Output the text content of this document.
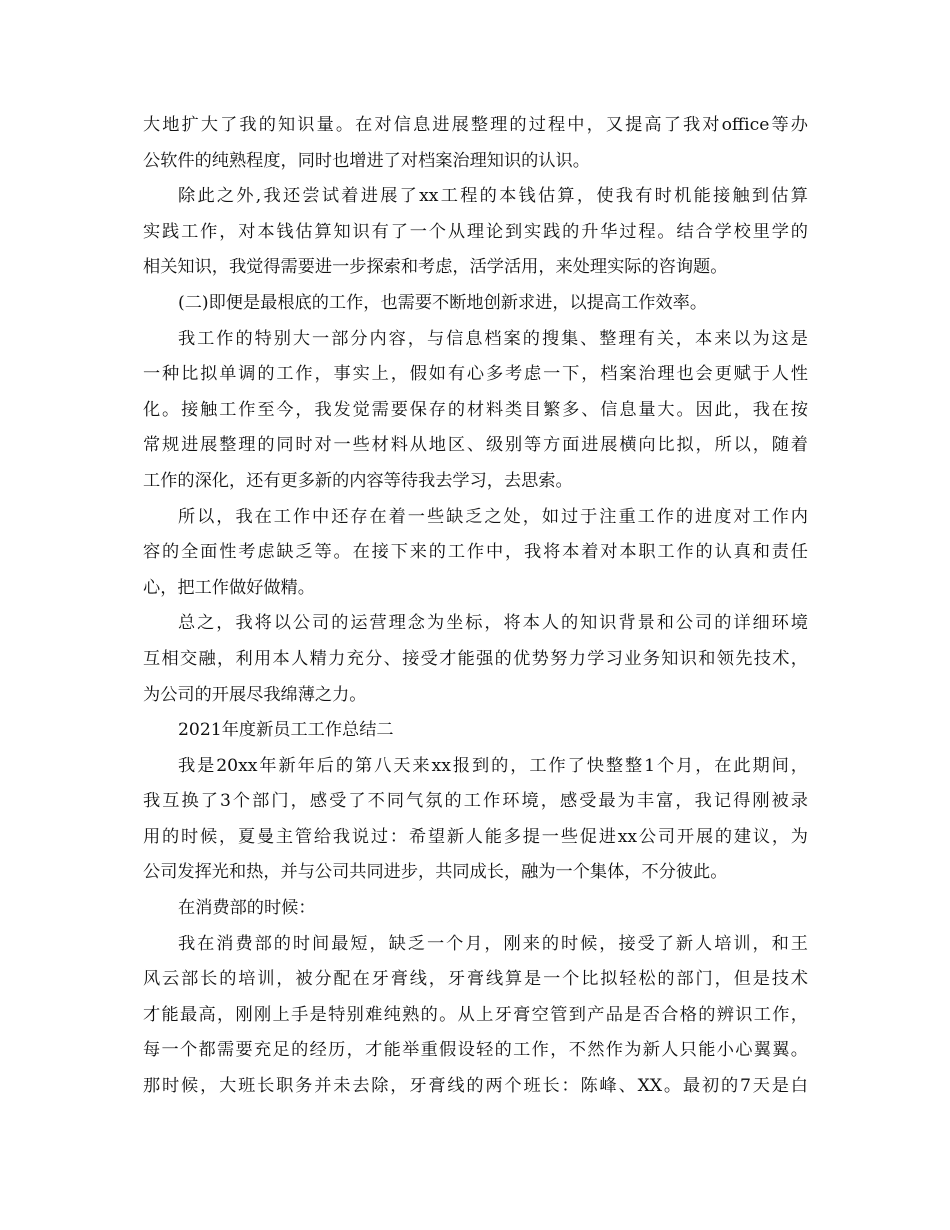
大地扩大了我的知识量。在对信息进展整理的过程中，又提高了我对office等办
公软件的纯熟程度，同时也增进了对档案治理知识的认识。
除此之外,我还尝试着进展了xx工程的本钱估算，使我有时机能接触到估算
实践工作，对本钱估算知识有了一个从理论到实践的升华过程。结合学校里学的
相关知识，我觉得需要进一步探索和考虑，活学活用，来处理实际的咨询题。
(二)即便是最根底的工作，也需要不断地创新求进，以提高工作效率。
我工作的特别大一部分内容，与信息档案的搜集、整理有关，本来以为这是
一种比拟单调的工作，事实上，假如有心多考虑一下，档案治理也会更赋于人性
化。接触工作至今，我发觉需要保存的材料类目繁多、信息量大。因此，我在按
常规进展整理的同时对一些材料从地区、级别等方面进展横向比拟，所以，随着
工作的深化，还有更多新的内容等待我去学习，去思索。
所以，我在工作中还存在着一些缺乏之处，如过于注重工作的进度对工作内
容的全面性考虑缺乏等。在接下来的工作中，我将本着对本职工作的认真和责任
心，把工作做好做精。
总之，我将以公司的运营理念为坐标，将本人的知识背景和公司的详细环境
互相交融，利用本人精力充分、接受才能强的优势努力学习业务知识和领先技术，
为公司的开展尽我绵薄之力。
2021年度新员工工作总结二
我是20xx年新年后的第八天来xx报到的，工作了快整整1个月，在此期间，
我互换了3个部门，感受了不同气氛的工作环境，感受最为丰富，我记得刚被录
用的时候，夏曼主管给我说过：希望新人能多提一些促进xx公司开展的建议，为
公司发挥光和热，并与公司共同进步，共同成长，融为一个集体，不分彼此。
在消费部的时候：
我在消费部的时间最短，缺乏一个月，刚来的时候，接受了新人培训，和王
风云部长的培训，被分配在牙膏线，牙膏线算是一个比拟轻松的部门，但是技术
才能最高，刚刚上手是特别难纯熟的。从上牙膏空管到产品是否合格的辨识工作，
每一个都需要充足的经历，才能举重假设轻的工作，不然作为新人只能小心翼翼。
那时候，大班长职务并未去除，牙膏线的两个班长：陈峰、XX。最初的7天是白
